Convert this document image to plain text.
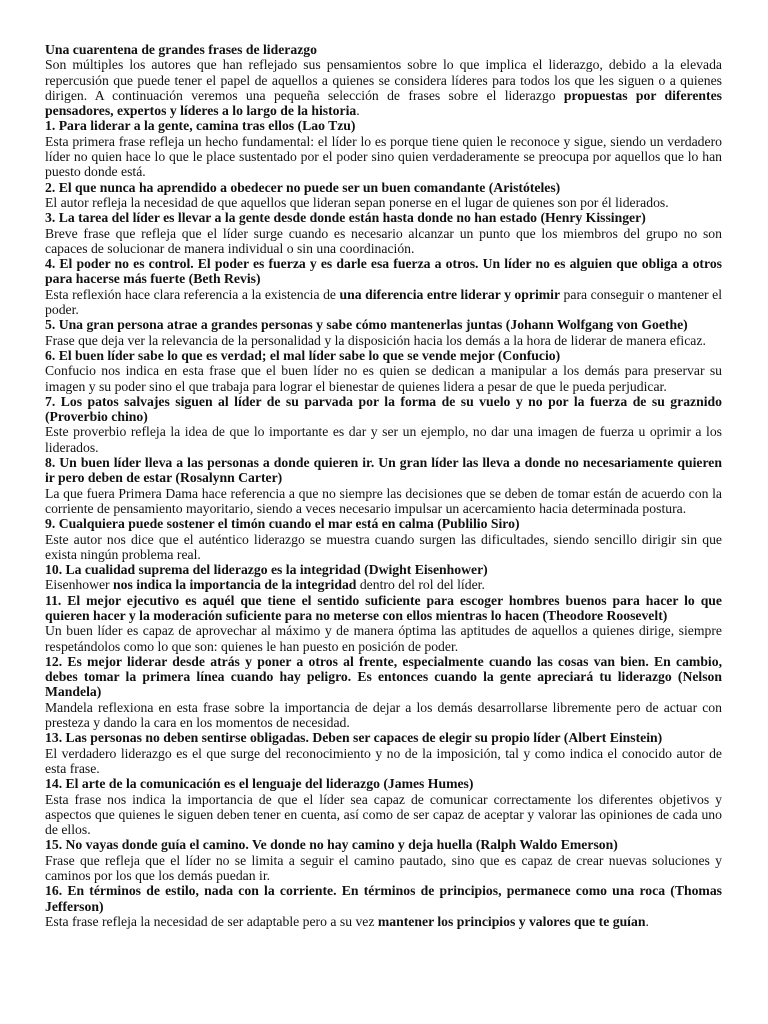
Una cuarentena de grandes frases de liderazgo

Son múltiples los autores que han reflejado sus pensamientos sobre lo que implica el liderazgo, debido a la elevada repercusión que puede tener el papel de aquellos a quienes se considera líderes para todos los que les siguen o a quienes dirigen. A continuación veremos una pequeña selección de frases sobre el liderazgo propuestas por diferentes pensadores, expertos y líderes a lo largo de la historia.

1. Para liderar a la gente, camina tras ellos (Lao Tzu)

Esta primera frase refleja un hecho fundamental: el líder lo es porque tiene quien le reconoce y sigue, siendo un verdadero líder no quien hace lo que le place sustentado por el poder sino quien verdaderamente se preocupa por aquellos que lo han puesto donde está.

2. El que nunca ha aprendido a obedecer no puede ser un buen comandante (Aristóteles)

El autor refleja la necesidad de que aquellos que lideran sepan ponerse en el lugar de quienes son por él liderados.

3. La tarea del líder es llevar a la gente desde donde están hasta donde no han estado (Henry Kissinger)

Breve frase que refleja que el líder surge cuando es necesario alcanzar un punto que los miembros del grupo no son capaces de solucionar de manera individual o sin una coordinación.

4. El poder no es control. El poder es fuerza y es darle esa fuerza a otros. Un líder no es alguien que obliga a otros para hacerse más fuerte (Beth Revis)

Esta reflexión hace clara referencia a la existencia de una diferencia entre liderar y oprimir para conseguir o mantener el poder.

5. Una gran persona atrae a grandes personas y sabe cómo mantenerlas juntas (Johann Wolfgang von Goethe)

Frase que deja ver la relevancia de la personalidad y la disposición hacia los demás a la hora de liderar de manera eficaz.

6. El buen líder sabe lo que es verdad; el mal líder sabe lo que se vende mejor (Confucio)

Confucio nos indica en esta frase que el buen líder no es quien se dedican a manipular a los demás para preservar su imagen y su poder sino el que trabaja para lograr el bienestar de quienes lidera a pesar de que le pueda perjudicar.

7. Los patos salvajes siguen al líder de su parvada por la forma de su vuelo y no por la fuerza de su graznido (Proverbio chino)

Este proverbio refleja la idea de que lo importante es dar y ser un ejemplo, no dar una imagen de fuerza u oprimir a los liderados.

8. Un buen líder lleva a las personas a donde quieren ir. Un gran líder las lleva a donde no necesariamente quieren ir pero deben de estar (Rosalynn Carter)

La que fuera Primera Dama hace referencia a que no siempre las decisiones que se deben de tomar están de acuerdo con la corriente de pensamiento mayoritario, siendo a veces necesario impulsar un acercamiento hacia determinada postura.

9. Cualquiera puede sostener el timón cuando el mar está en calma (Publilio Siro)

Este autor nos dice que el auténtico liderazgo se muestra cuando surgen las dificultades, siendo sencillo dirigir sin que exista ningún problema real.

10. La cualidad suprema del liderazgo es la integridad (Dwight Eisenhower)

Eisenhower nos indica la importancia de la integridad dentro del rol del líder.

11. El mejor ejecutivo es aquél que tiene el sentido suficiente para escoger hombres buenos para hacer lo que quieren hacer y la moderación suficiente para no meterse con ellos mientras lo hacen (Theodore Roosevelt)

Un buen líder es capaz de aprovechar al máximo y de manera óptima las aptitudes de aquellos a quienes dirige, siempre respetándolos como lo que son: quienes le han puesto en posición de poder.

12. Es mejor liderar desde atrás y poner a otros al frente, especialmente cuando las cosas van bien. En cambio, debes tomar la primera línea cuando hay peligro. Es entonces cuando la gente apreciará tu liderazgo (Nelson Mandela)

Mandela reflexiona en esta frase sobre la importancia de dejar a los demás desarrollarse libremente pero de actuar con presteza y dando la cara en los momentos de necesidad.

13. Las personas no deben sentirse obligadas. Deben ser capaces de elegir su propio líder (Albert Einstein)

El verdadero liderazgo es el que surge del reconocimiento y no de la imposición, tal y como indica el conocido autor de esta frase.

14. El arte de la comunicación es el lenguaje del liderazgo (James Humes)

Esta frase nos indica la importancia de que el líder sea capaz de comunicar correctamente los diferentes objetivos y aspectos que quienes le siguen deben tener en cuenta, así como de ser capaz de aceptar y valorar las opiniones de cada uno de ellos.

15. No vayas donde guía el camino. Ve donde no hay camino y deja huella (Ralph Waldo Emerson)

Frase que refleja que el líder no se limita a seguir el camino pautado, sino que es capaz de crear nuevas soluciones y caminos por los que los demás puedan ir.

16. En términos de estilo, nada con la corriente. En términos de principios, permanece como una roca (Thomas Jefferson)

Esta frase refleja la necesidad de ser adaptable pero a su vez mantener los principios y valores que te guían.
